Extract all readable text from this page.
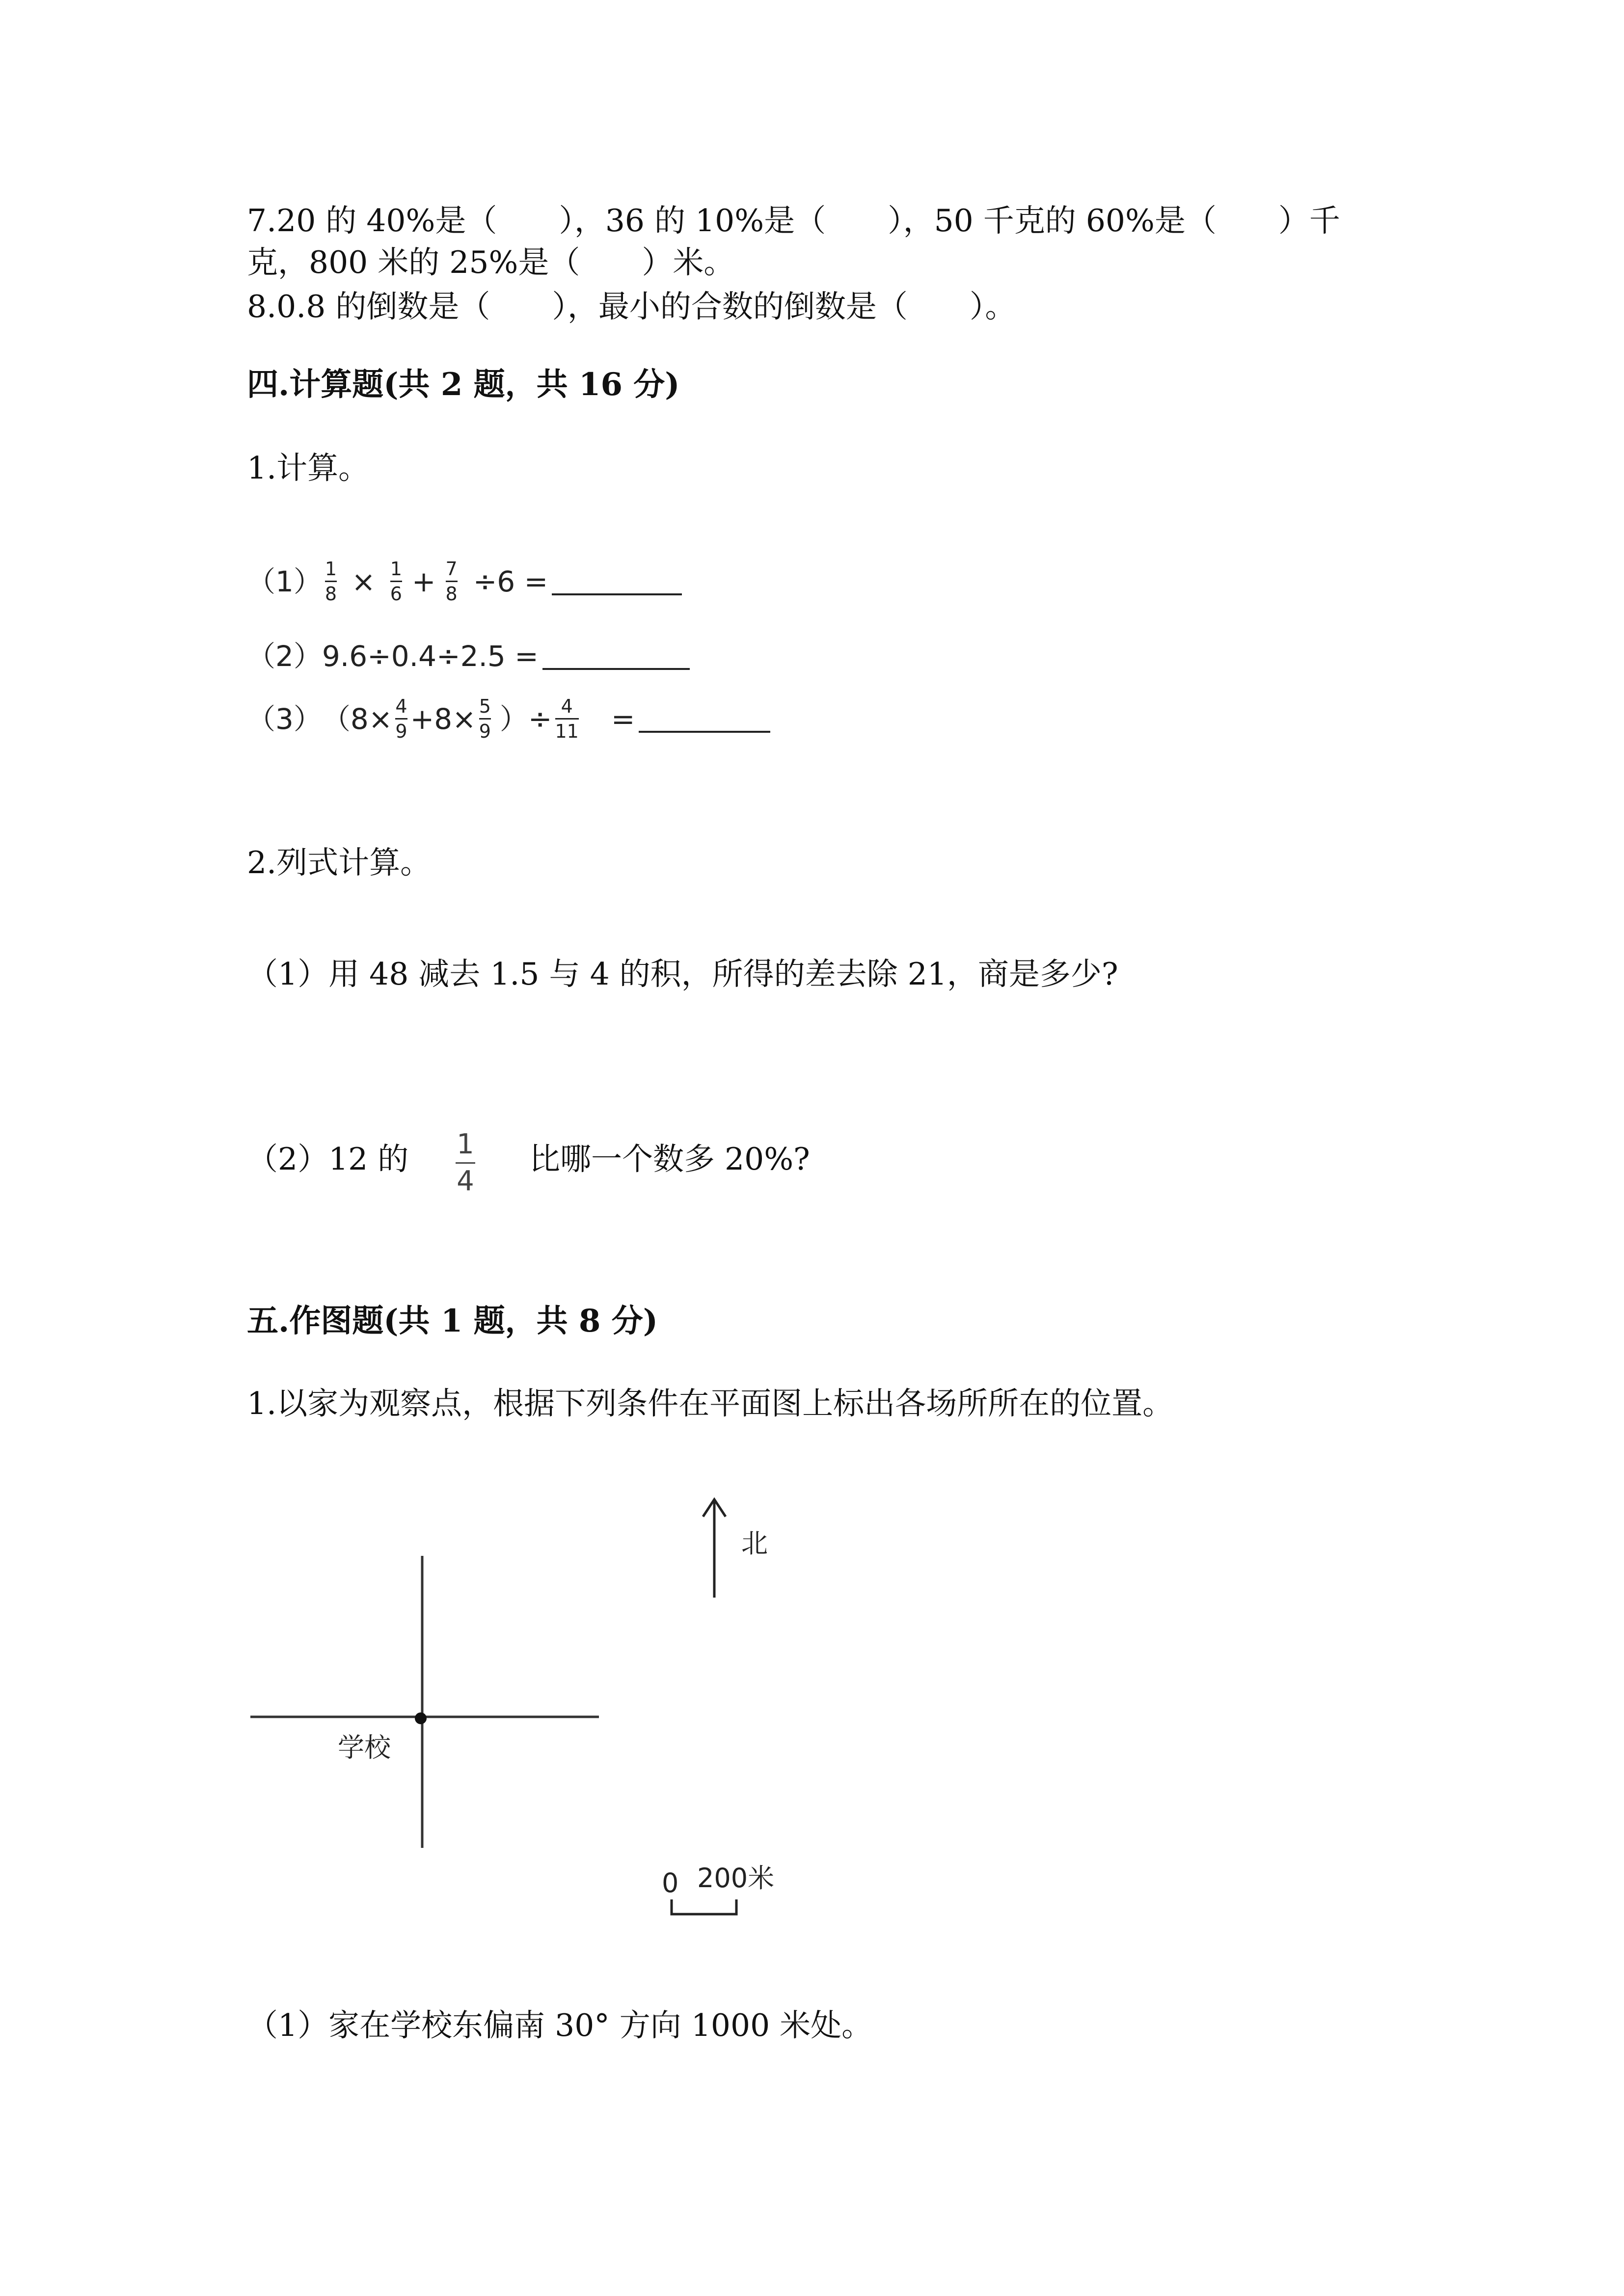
7.20 的 40%是（　　），36 的 10%是（　　），50 千克的 60%是（　　）千
克，800 米的 25%是（　　）米。
8.0.8 的倒数是（　　），最小的合数的倒数是（　　）。
四.计算题(共 2 题，共 16 分)
1.计算。
$(1) \frac{1}{8} \times \frac{1}{6} + \frac{7}{8} \div 6$ =
（2） 9.6÷0.4÷2.5 =
（3） （$8\times \frac{4}{9} +8\times \frac{5}{9}$ ）÷ $\frac{4}{11}$ =
2.列式计算。
（1）用 48 减去 1.5 与 4 的积，所得的差去除 21，商是多少?
（2）12 的 1
4
比哪一个数多 20%?
五.作图题(共 1 题，共 8 分)
1.以家为观察点，根据下列条件在平面图上标出各场所所在的位置。
北
学校
0 200米
（1）家在学校东偏南 30° 方向 1000 米处。
